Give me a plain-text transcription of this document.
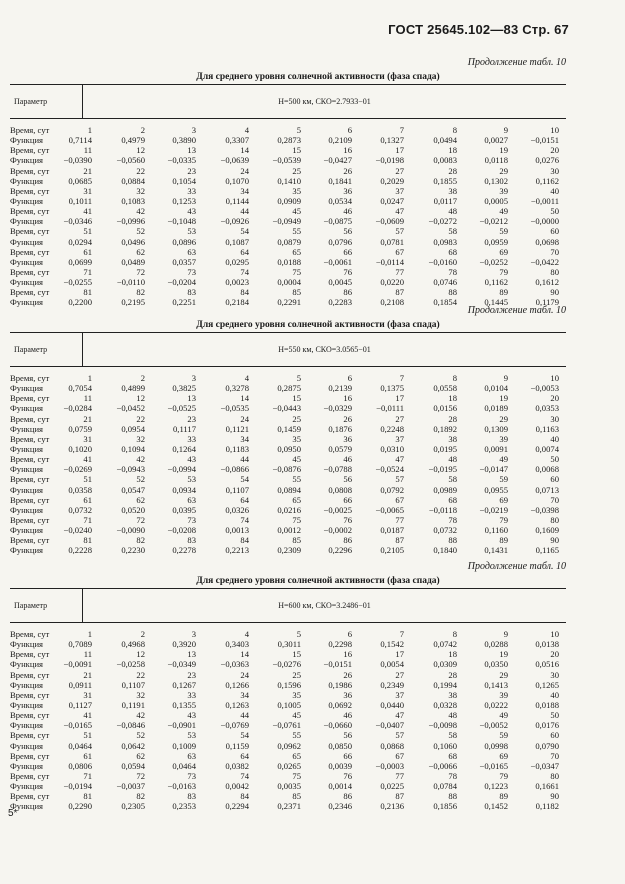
ГОСТ 25645.102—83 Стр. 67
Продолжение табл. 10
Для среднего уровня солнечной активности (фаза спада)
Параметр	H=500 км, СКО=2.7933−01
Время, сут	1	2	3	4	5	6	7	8	9	10
Функция	0,7114	0,4979	0,3890	0,3307	0,2873	0,2109	0,1327	0,0494	0,0027	−0,0151
Время, сут	11	12	13	14	15	16	17	18	19	20
Функция	−0,0390	−0,0560	−0,0335	−0,0639	−0,0539	−0,0427	−0,0198	0,0083	0,0118	0,0276
Время, сут	21	22	23	24	25	26	27	28	29	30
Функция	0,0685	0,0884	0,1054	0,1070	0,1410	0,1841	0,2029	0,1855	0,1302	0,1162
Время, сут	31	32	33	34	35	36	37	38	39	40
Функция	0,1011	0,1083	0,1253	0,1144	0,0909	0,0534	0,0247	0,0117	0,0005	−0,0011
Время, сут	41	42	43	44	45	46	47	48	49	50
Функция	−0,0346	−0,0996	−0,1048	−0,0926	−0,0949	−0,0875	−0,0609	−0,0272	−0,0212	−0,0000
Время, сут	51	52	53	54	55	56	57	58	59	60
Функция	0,0294	0,0496	0,0896	0,1087	0,0879	0,0796	0,0781	0,0983	0,0959	0,0698
Время, сут	61	62	63	64	65	66	67	68	69	70
Функция	0,0699	0,0489	0,0357	0,0295	0,0188	−0,0061	−0,0114	−0,0160	−0,0252	−0,0422
Время, сут	71	72	73	74	75	76	77	78	79	80
Функция	−0,0255	−0,0110	−0,0204	0,0023	0,0004	0,0045	0,0220	0,0746	0,1162	0,1612
Время, сут	81	82	83	84	85	86	87	88	89	90
Функция	0,2200	0,2195	0,2251	0,2184	0,2291	0,2283	0,2108	0,1854	0,1445	0,1179
Продолжение табл. 10
Для среднего уровня солнечной активности (фаза спада)
Параметр	H=550 км, СКО=3.0565−01
Время, сут	1	2	3	4	5	6	7	8	9	10
Функция	0,7054	0,4899	0,3825	0,3278	0,2875	0,2139	0,1375	0,0558	0,0104	−0,0053
Время, сут	11	12	13	14	15	16	17	18	19	20
Функция	−0,0284	−0,0452	−0,0525	−0,0535	−0,0443	−0,0329	−0,0111	0,0156	0,0189	0,0353
Время, сут	21	22	23	24	25	26	27	28	29	30
Функция	0,0759	0,0954	0,1117	0,1121	0,1459	0,1876	0,2248	0,1892	0,1309	0,1163
Время, сут	31	32	33	34	35	36	37	38	39	40
Функция	0,1020	0,1094	0,1264	0,1183	0,0950	0,0579	0,0310	0,0195	0,0091	0,0074
Время, сут	41	42	43	44	45	46	47	48	49	50
Функция	−0,0269	−0,0943	−0,0994	−0,0866	−0,0876	−0,0788	−0,0524	−0,0195	−0,0147	0,0068
Время, сут	51	52	53	54	55	56	57	58	59	60
Функция	0,0358	0,0547	0,0934	0,1107	0,0894	0,0808	0,0792	0,0989	0,0955	0,0713
Время, сут	61	62	63	64	65	66	67	68	69	70
Функция	0,0732	0,0520	0,0395	0,0326	0,0216	−0,0025	−0,0065	−0,0118	−0,0219	−0,0398
Время, сут	71	72	73	74	75	76	77	78	79	80
Функция	−0,0240	−0,0090	−0,0208	0,0013	0,0012	−0,0002	0,0187	0,0732	0,1160	0,1609
Время, сут	81	82	83	84	85	86	87	88	89	90
Функция	0,2228	0,2230	0,2278	0,2213	0,2309	0,2296	0,2105	0,1840	0,1431	0,1165
Продолжение табл. 10
Для среднего уровня солнечной активности (фаза спада)
Параметр	H=600 км, СКО=3.2486−01
Время, сут	1	2	3	4	5	6	7	8	9	10
Функция	0,7089	0,4968	0,3920	0,3403	0,3011	0,2298	0,1542	0,0742	0,0288	0,0138
Время, сут	11	12	13	14	15	16	17	18	19	20
Функция	−0,0091	−0,0258	−0,0349	−0,0363	−0,0276	−0,0151	0,0054	0,0309	0,0350	0,0516
Время, сут	21	22	23	24	25	26	27	28	29	30
Функция	0,0911	0,1107	0,1267	0,1266	0,1596	0,1986	0,2349	0,1994	0,1413	0,1265
Время, сут	31	32	33	34	35	36	37	38	39	40
Функция	0,1127	0,1191	0,1355	0,1263	0,1005	0,0692	0,0440	0,0328	0,0222	0,0188
Время, сут	41	42	43	44	45	46	47	48	49	50
Функция	−0,0165	−0,0846	−0,0901	−0,0769	−0,0761	−0,0660	−0,0407	−0,0098	−0,0052	0,0176
Время, сут	51	52	53	54	55	56	57	58	59	60
Функция	0,0464	0,0642	0,1009	0,1159	0,0962	0,0850	0,0868	0,1060	0,0998	0,0790
Время, сут	61	62	63	64	65	66	67	68	69	70
Функция	0,0806	0,0594	0,0464	0,0382	0,0265	0,0039	−0,0003	−0,0066	−0,0165	−0,0347
Время, сут	71	72	73	74	75	76	77	78	79	80
Функция	−0,0194	−0,0037	−0,0163	0,0042	0,0035	0,0014	0,0225	0,0784	0,1223	0,1661
Время, сут	81	82	83	84	85	86	87	88	89	90
Функция	0,2290	0,2305	0,2353	0,2294	0,2371	0,2346	0,2136	0,1856	0,1452	0,1182
5*
